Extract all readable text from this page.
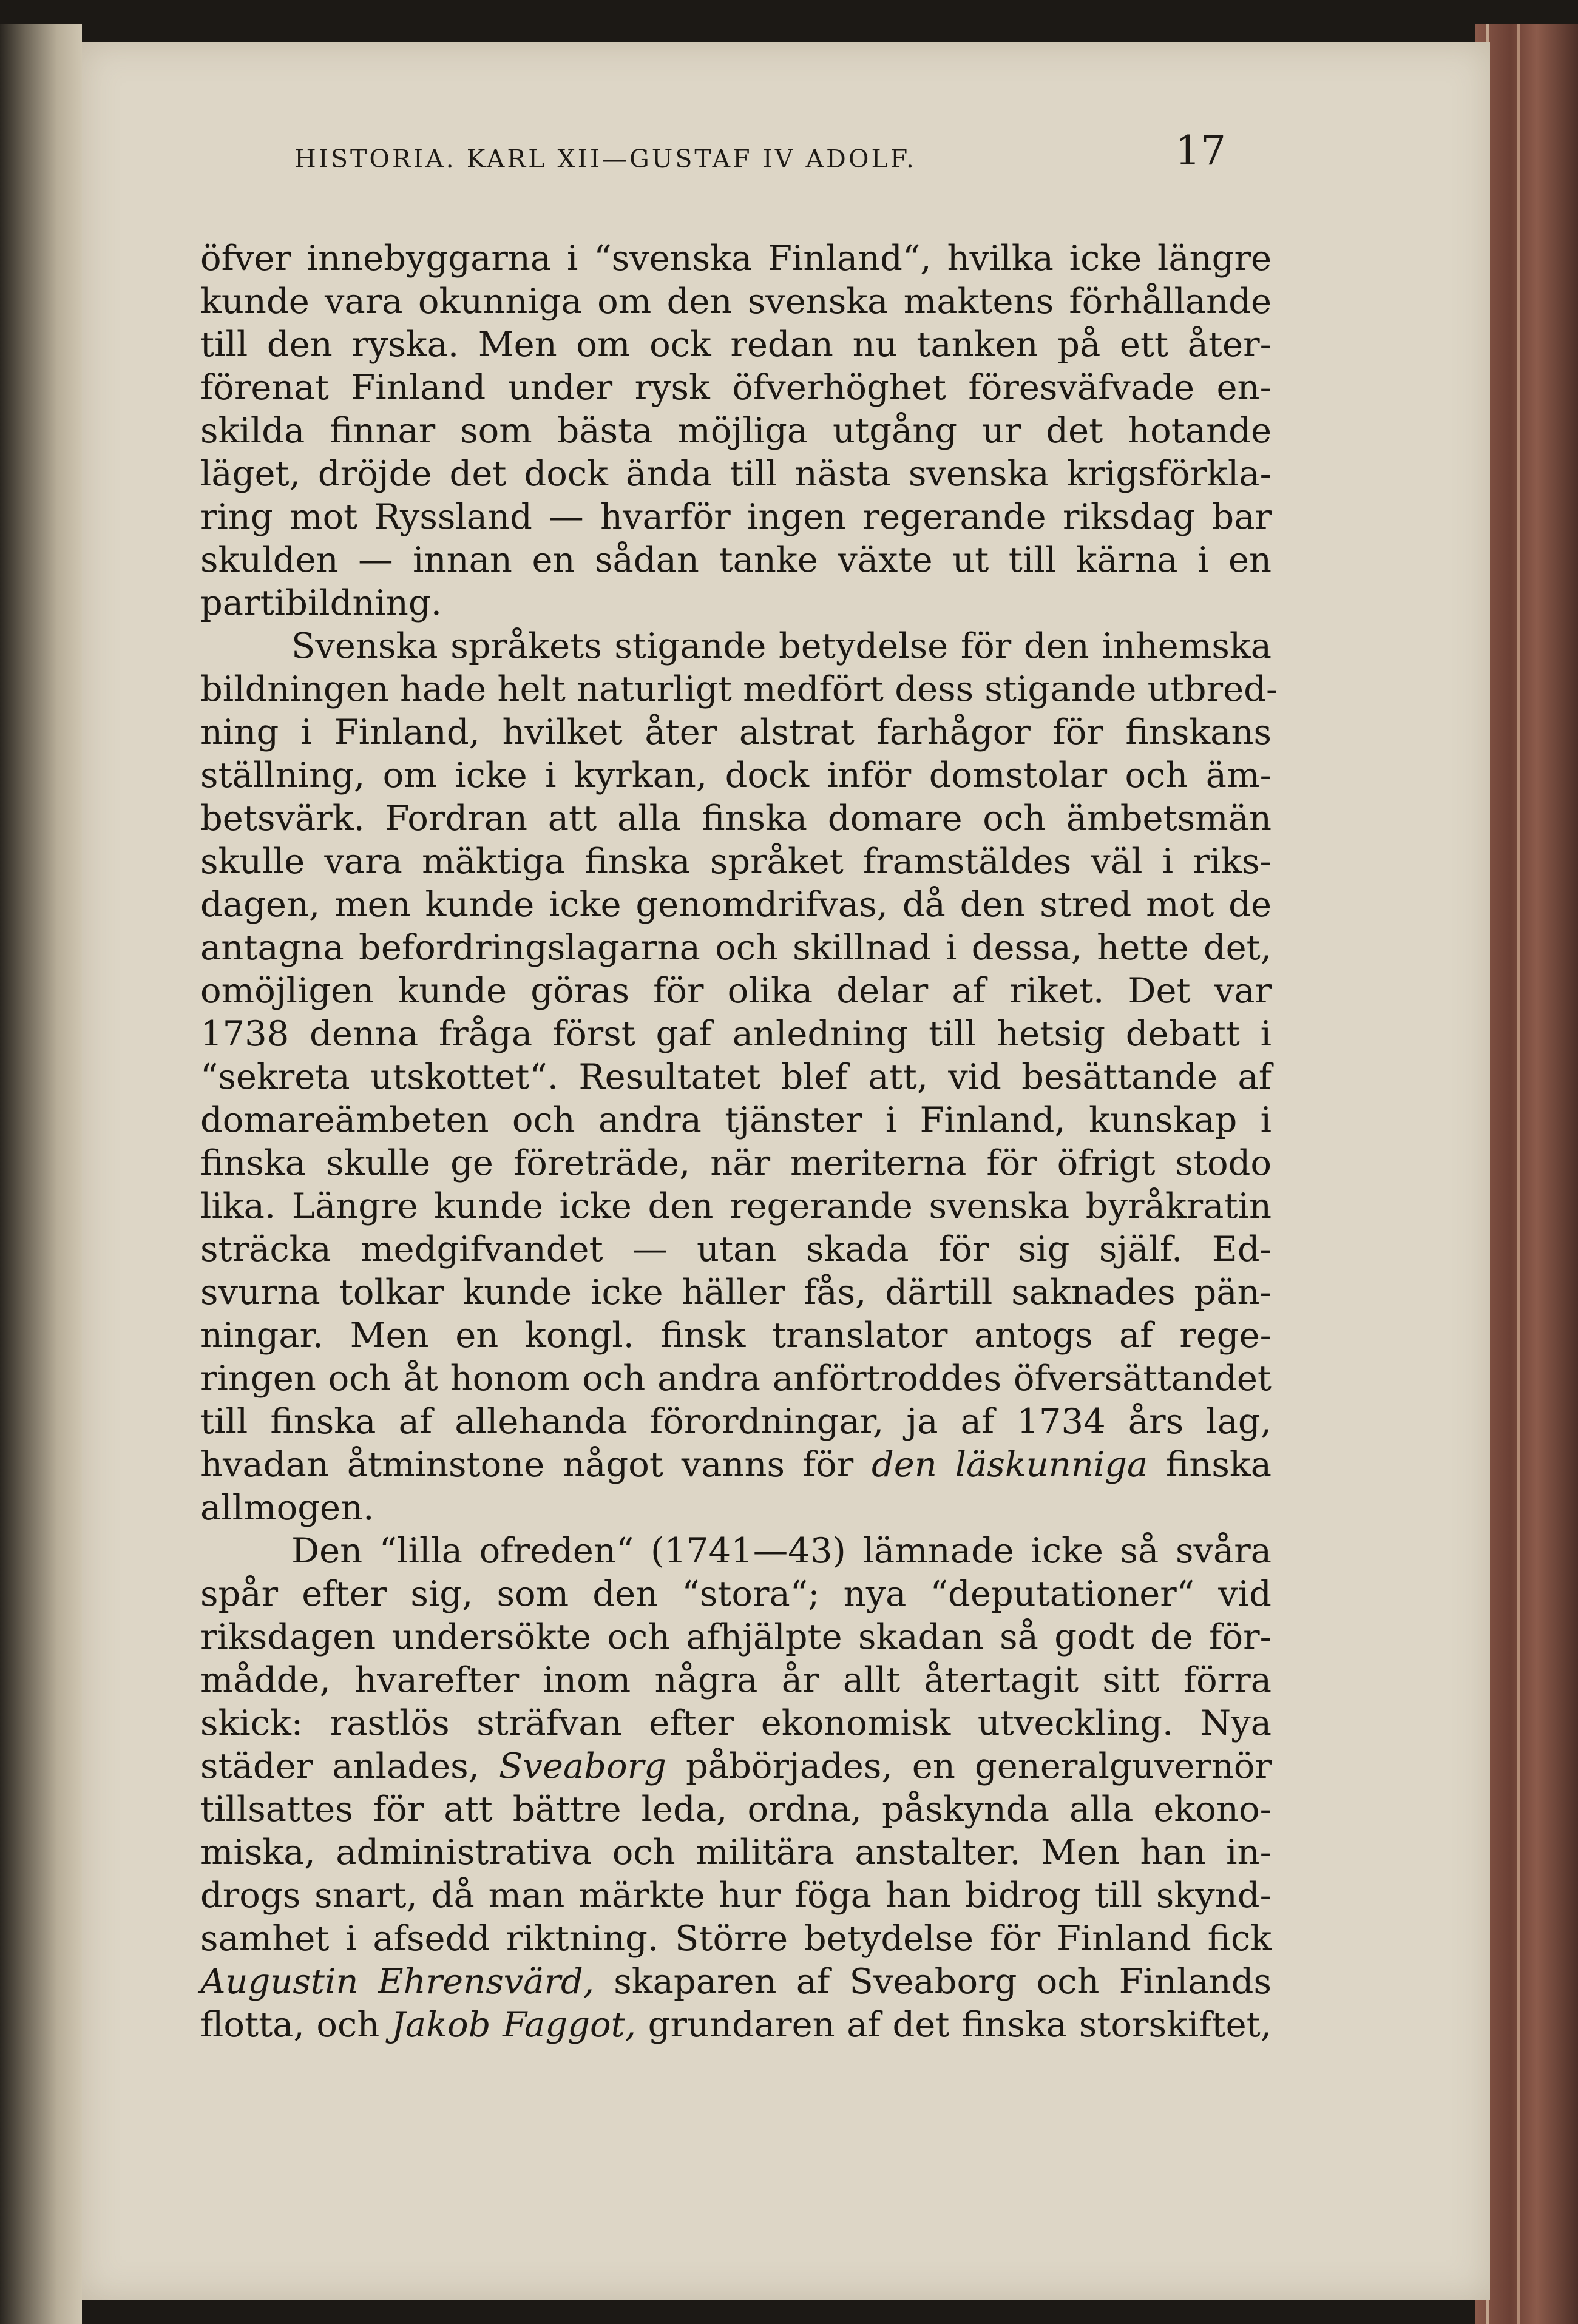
HISTORIA. KARL XII—GUSTAF IV ADOLF.	17
öfver innebyggarna i “svenska Finland“, hvilka icke längre
kunde vara okunniga om den svenska maktens förhållande
till den ryska. Men om ock redan nu tanken på ett åter-
förenat Finland under rysk öfverhöghet föresväfvade en-
skilda finnar som bästa möjliga utgång ur det hotande
läget, dröjde det dock ända till nästa svenska krigsförkla-
ring mot Ryssland — hvarför ingen regerande riksdag bar
skulden — innan en sådan tanke växte ut till kärna i en
partibildning.
Svenska språkets stigande betydelse för den inhemska
bildningen hade helt naturligt medfört dess stigande utbred-
ning i Finland, hvilket åter alstrat farhågor för finskans
ställning, om icke i kyrkan, dock inför domstolar och äm-
betsvärk. Fordran att alla finska domare och ämbetsmän
skulle vara mäktiga finska språket framstäldes väl i riks-
dagen, men kunde icke genomdrifvas, då den stred mot de
antagna befordringslagarna och skillnad i dessa, hette det,
omöjligen kunde göras för olika delar af riket. Det var
1738 denna fråga först gaf anledning till hetsig debatt i
“sekreta utskottet“. Resultatet blef att, vid besättande af
domareämbeten och andra tjänster i Finland, kunskap i
finska skulle ge företräde, när meriterna för öfrigt stodo
lika. Längre kunde icke den regerande svenska byråkratin
sträcka medgifvandet — utan skada för sig själf. Ed-
svurna tolkar kunde icke häller fås, därtill saknades pän-
ningar. Men en kongl. finsk translator antogs af rege-
ringen och åt honom och andra anförtroddes öfversättandet
till finska af allehanda förordningar, ja af 1734 års lag,
hvadan åtminstone något vanns för den läskunniga finska
allmogen.
Den “lilla ofreden“ (1741—43) lämnade icke så svåra
spår efter sig, som den “stora“; nya “deputationer“ vid
riksdagen undersökte och afhjälpte skadan så godt de för-
mådde, hvarefter inom några år allt återtagit sitt förra
skick: rastlös sträfvan efter ekonomisk utveckling. Nya
städer anlades, Sveaborg påbörjades, en generalguvernör
tillsattes för att bättre leda, ordna, påskynda alla ekono-
miska, administrativa och militära anstalter. Men han in-
drogs snart, då man märkte hur föga han bidrog till skynd-
samhet i afsedd riktning. Större betydelse för Finland fick
Augustin Ehrensvärd, skaparen af Sveaborg och Finlands
flotta, och Jakob Faggot, grundaren af det finska storskiftet,
